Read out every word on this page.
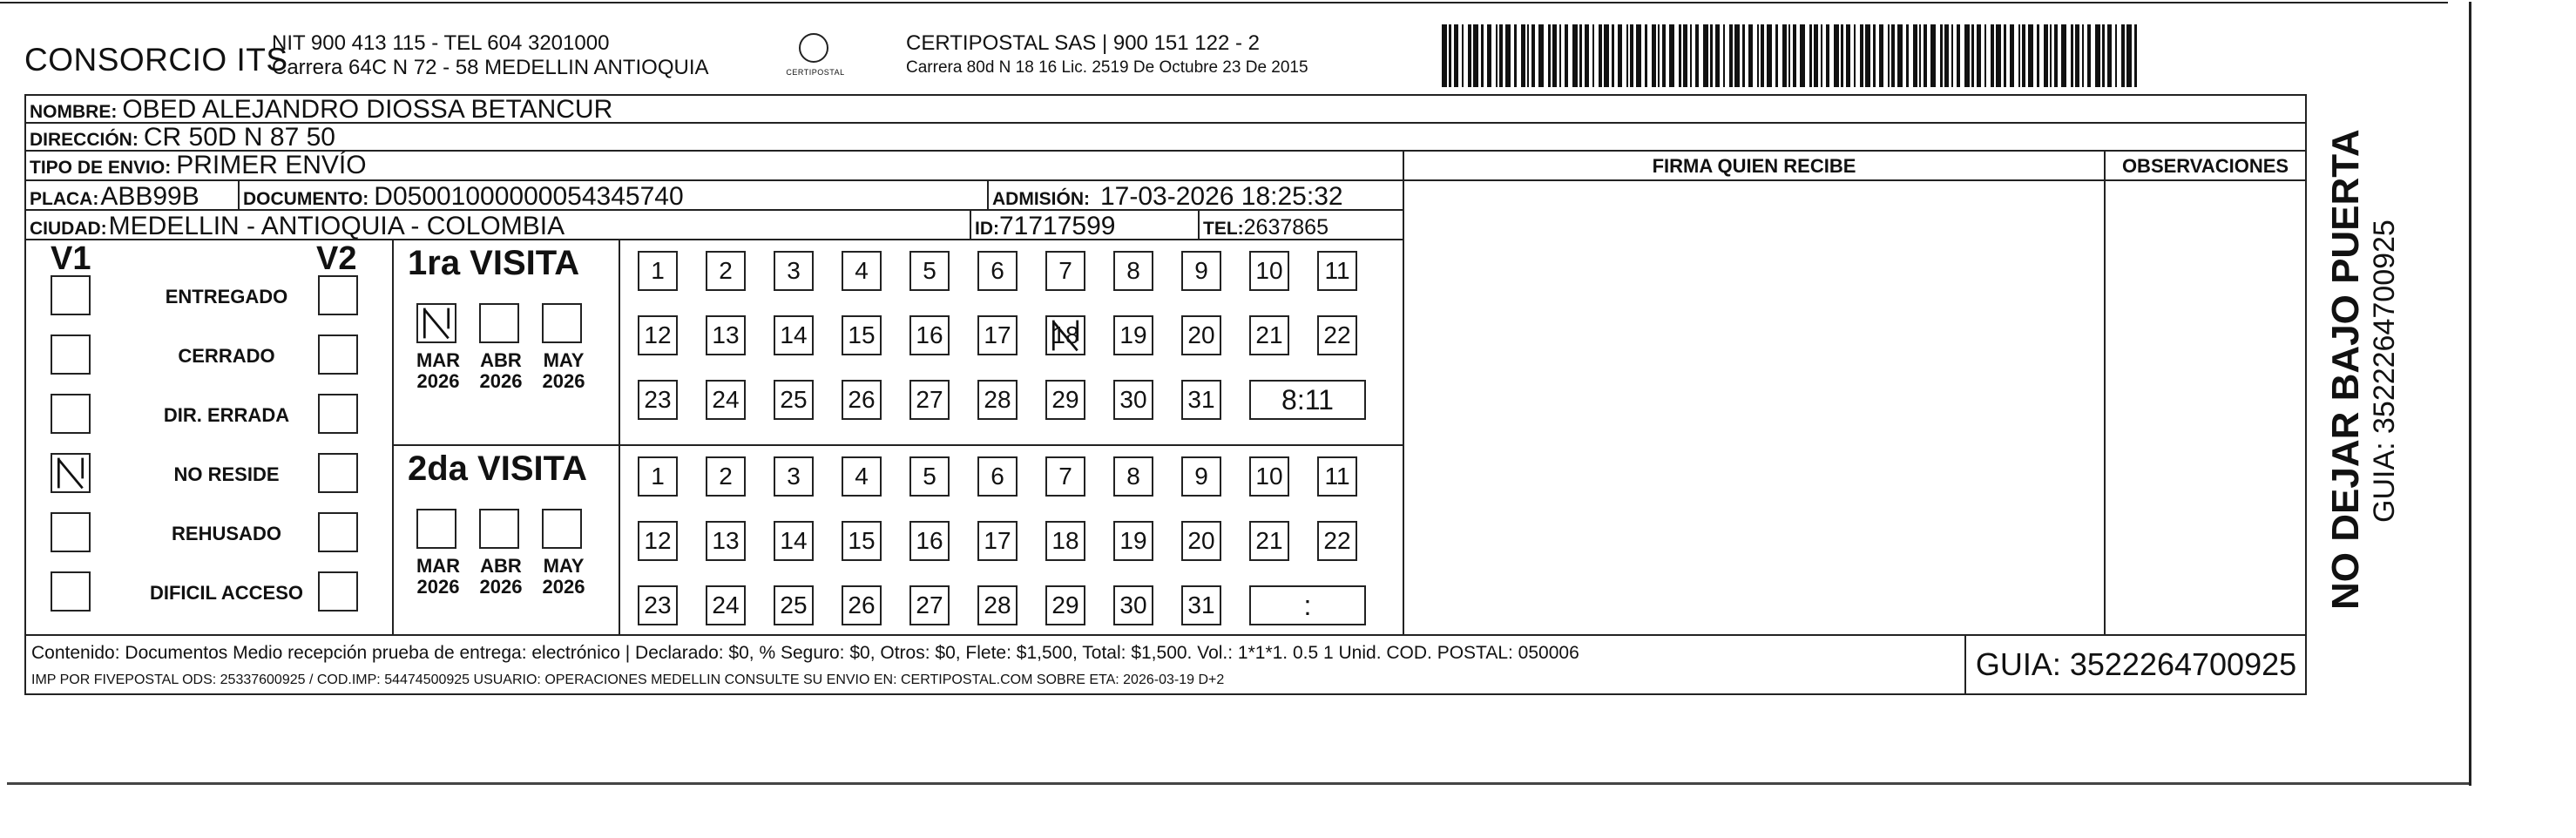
CONSORCIO ITS
NIT 900 413 115 - TEL 604 3201000
Carrera 64C N 72 - 58 MEDELLIN ANTIOQUIA	CERTIPOSTAL
CERTIPOSTAL SAS | 900 151 122 - 2
Carrera 80d N 18 16 Lic. 2519 De Octubre 23 De 2015
NOMBRE: OBED ALEJANDRO DIOSSA BETANCUR
DIRECCIÓN: CR 50D N 87 50
TIPO DE ENVIO: PRIMER ENVÍO
PLACA:ABB99B	DOCUMENTO: D05001000000054345740	ADMISIÓN: 17-03-2026 18:25:32
CIUDAD:MEDELLIN - ANTIOQUIA - COLOMBIA	ID:71717599	TEL:2637865
FIRMA QUIEN RECIBE	OBSERVACIONES
V1	V2
ENTREGADO
CERRADO
DIR. ERRADA
NO RESIDE
REHUSADO
DIFICIL ACCESO
1ra VISITA
MAR
2026
ABR
2026
MAY
2026
1	2	3	4	5	6	7	8	9	10	11
12 13 14 15 16 17 18 19 20 21 22
23 24 25 26 27 28 29 30 31	8:11
2da VISITA
MAR
2026
ABR
2026
MAY
2026
1	2	3	4	5	6	7	8	9	10	11
12 13 14 15 16 17 18 19 20 21 22
23 24 25 26 27 28 29 30 31	:
Contenido: Documentos Medio recepción prueba de entrega: electrónico | Declarado: $0, % Seguro: $0, Otros: $0, Flete: $1,500, Total: $1,500. Vol.: 1*1*1. 0.5 1 Unid. COD. POSTAL: 050006
IMP POR FIVEPOSTAL ODS: 25337600925 / COD.IMP: 54474500925 USUARIO: OPERACIONES MEDELLIN CONSULTE SU ENVIO EN: CERTIPOSTAL.COM SOBRE ETA: 2026-03-19 D+2	GUIA: 3522264700925
NO DEJAR BAJO PUERTA GUIA: 3522264700925
